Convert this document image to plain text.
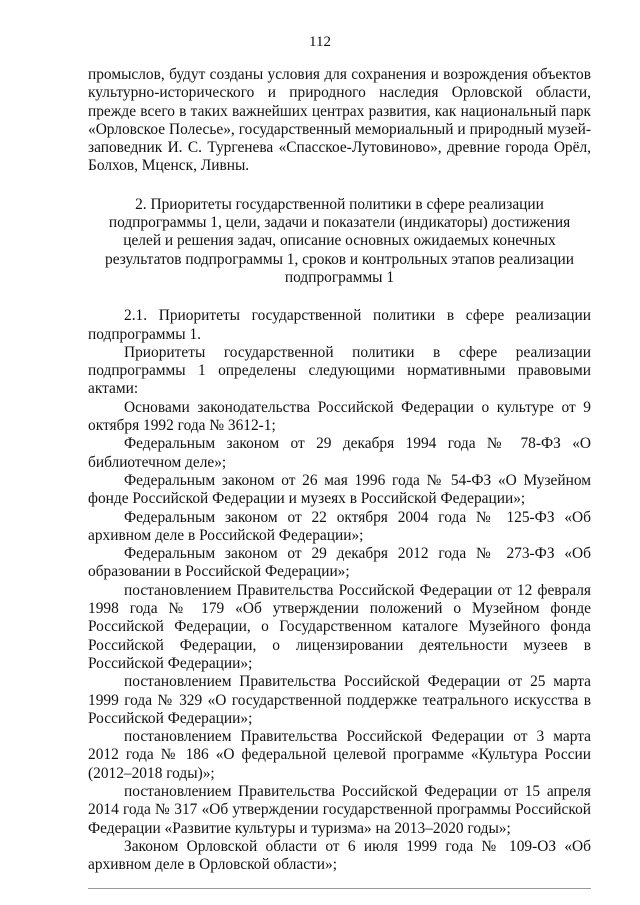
112

промыслов, будут созданы условия для сохранения и возрождения объектов культурно-исторического и природного наследия Орловской области, прежде всего в таких важнейших центрах развития, как национальный парк «Орловское Полесье», государственный мемориальный и природный музей-заповедник И. С. Тургенева «Спасское-Лутовиново», древние города Орёл, Болхов, Мценск, Ливны.

2. Приоритеты государственной политики в сфере реализации подпрограммы 1, цели, задачи и показатели (индикаторы) достижения целей и решения задач, описание основных ожидаемых конечных результатов подпрограммы 1, сроков и контрольных этапов реализации подпрограммы 1

2.1. Приоритеты государственной политики в сфере реализации подпрограммы 1.

Приоритеты государственной политики в сфере реализации подпрограммы 1 определены следующими нормативными правовыми актами:

Основами законодательства Российской Федерации о культуре от 9 октября 1992 года № 3612-1;

Федеральным законом от 29 декабря 1994 года № 78-ФЗ «О библиотечном деле»;

Федеральным законом от 26 мая 1996 года № 54-ФЗ «О Музейном фонде Российской Федерации и музеях в Российской Федерации»;

Федеральным законом от 22 октября 2004 года № 125-ФЗ «Об архивном деле в Российской Федерации»;

Федеральным законом от 29 декабря 2012 года № 273-ФЗ «Об образовании в Российской Федерации»;

постановлением Правительства Российской Федерации от 12 февраля 1998 года № 179 «Об утверждении положений о Музейном фонде Российской Федерации, о Государственном каталоге Музейного фонда Российской Федерации, о лицензировании деятельности музеев в Российской Федерации»;

постановлением Правительства Российской Федерации от 25 марта 1999 года № 329 «О государственной поддержке театрального искусства в Российской Федерации»;

постановлением Правительства Российской Федерации от 3 марта 2012 года № 186 «О федеральной целевой программе «Культура России (2012–2018 годы)»;

постановлением Правительства Российской Федерации от 15 апреля 2014 года № 317 «Об утверждении государственной программы Российской Федерации «Развитие культуры и туризма» на 2013–2020 годы»;

Законом Орловской области от 6 июля 1999 года № 109-ОЗ «Об архивном деле в Орловской области»;
